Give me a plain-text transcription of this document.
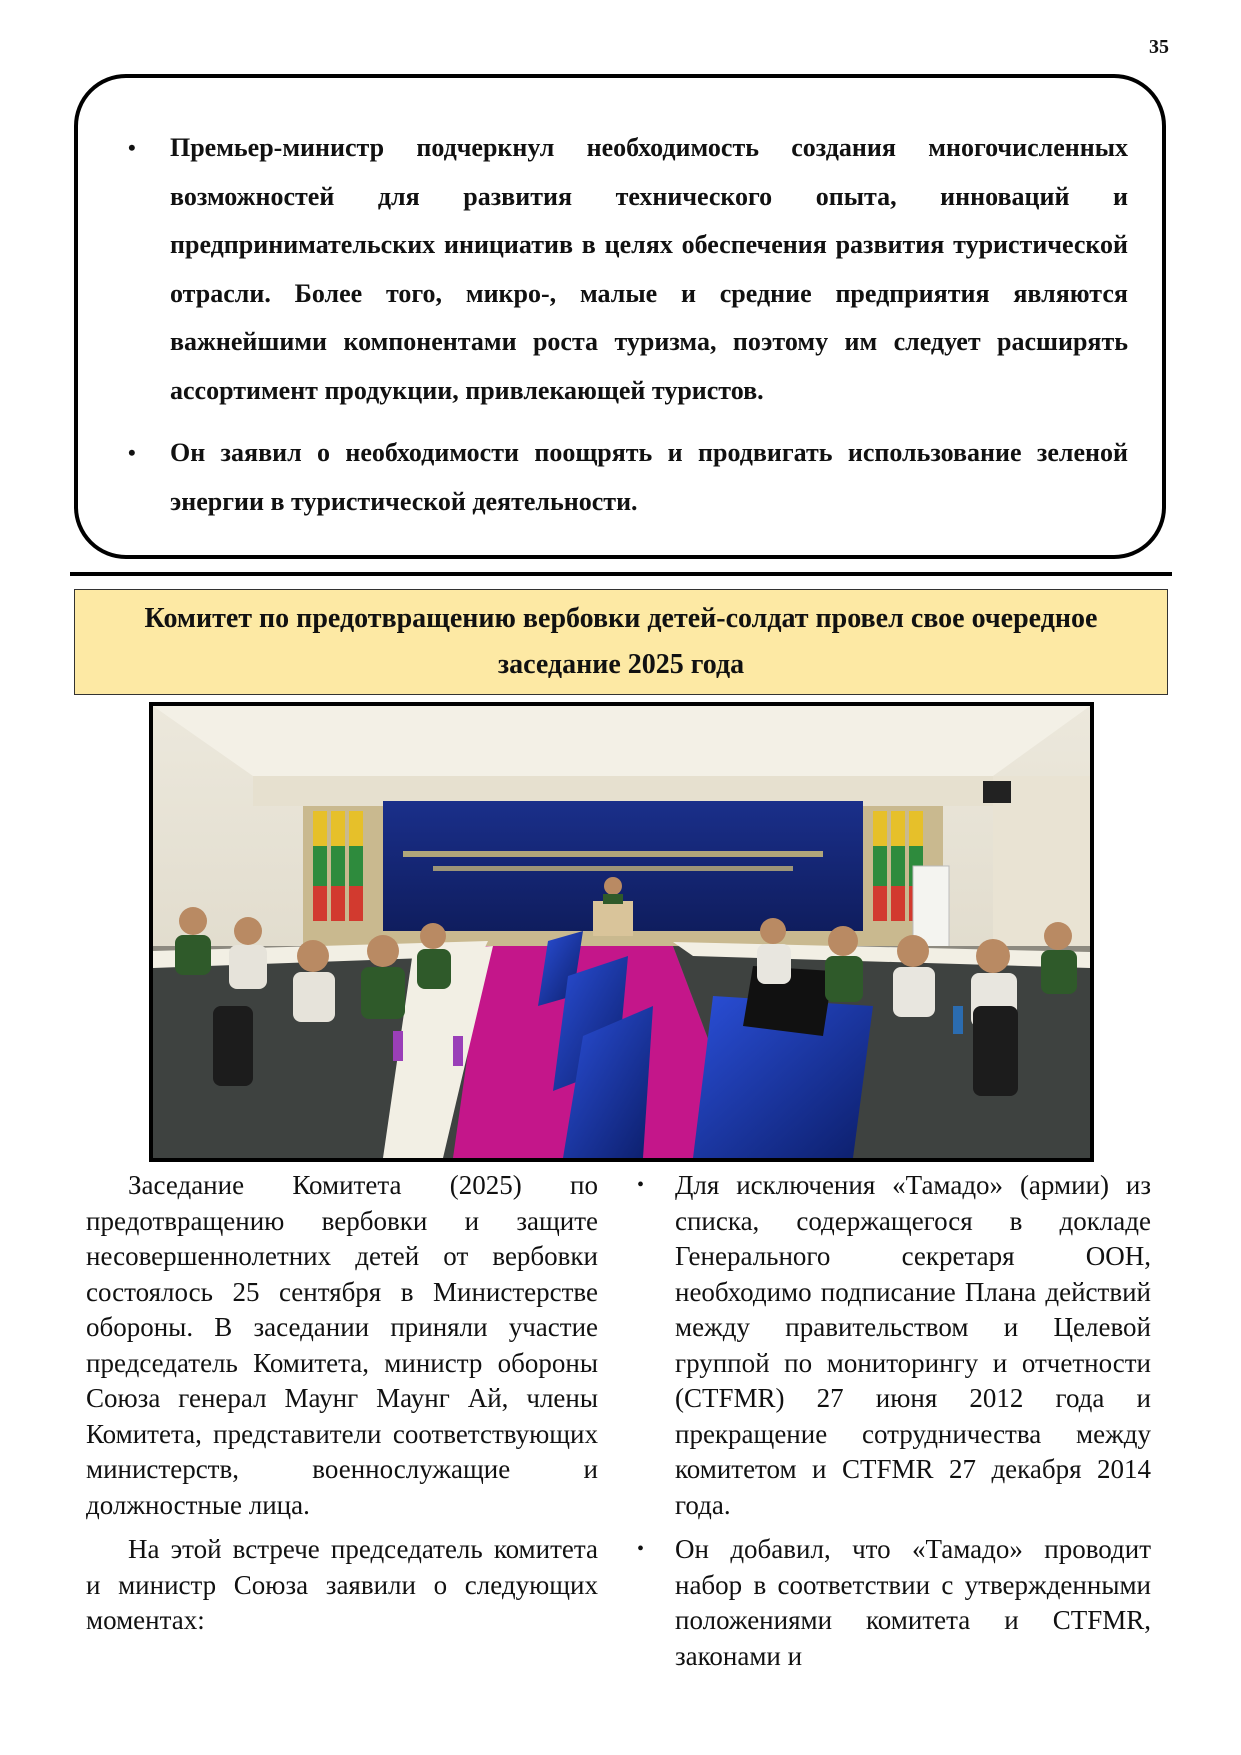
35
• Премьер-министр подчеркнул необходимость создания многочисленных возможностей для развития технического опыта, инноваций и предпринимательских инициатив в целях обеспечения развития туристической отрасли. Более того, микро-, малые и средние предприятия являются важнейшими компонентами роста туризма, поэтому им следует расширять ассортимент продукции, привлекающей туристов.
• Он заявил о необходимости поощрять и продвигать использование зеленой энергии в туристической деятельности.
Комитет по предотвращению вербовки детей-солдат провел свое очередное заседание 2025 года

Заседание Комитета (2025) по предотвращению вербовки и защите несовершеннолетних детей от вербовки состоялось 25 сентября в Министерстве обороны. В заседании приняли участие председатель Комитета, министр обороны Союза генерал Маунг Маунг Ай, члены Комитета, представители соответствующих министерств, военнослужащие и должностные лица.

На этой встрече председатель комитета и министр Союза заявили о следующих моментах:

• Для исключения «Тамадо» (армии) из списка, содержащегося в докладе Генерального секретаря ООН, необходимо подписание Плана действий между правительством и Целевой группой по мониторингу и отчетности (CTFMR) 27 июня 2012 года и прекращение сотрудничества между комитетом и CTFMR 27 декабря 2014 года.
• Он добавил, что «Тамадо» проводит набор в соответствии с утвержденными положениями комитета и CTFMR, законами и
